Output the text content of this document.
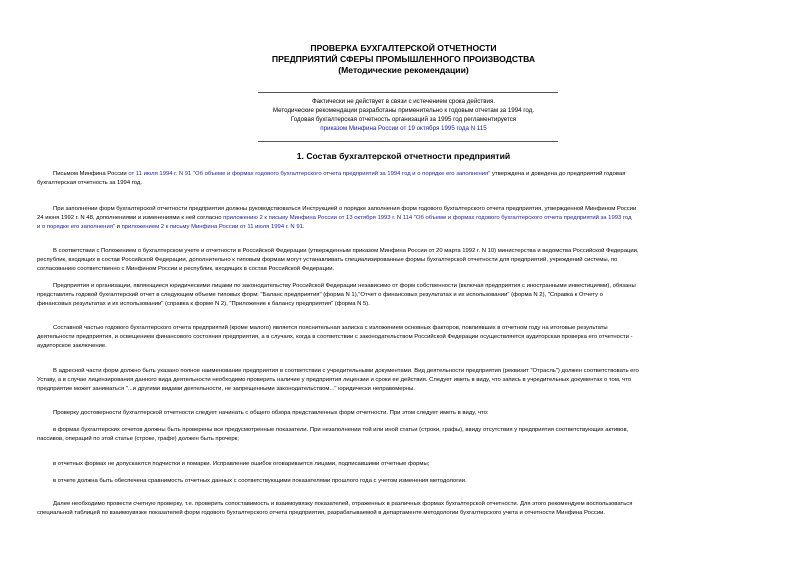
ПРОВЕРКА БУХГАЛТЕРСКОЙ ОТЧЕТНОСТИ
ПРЕДПРИЯТИЙ СФЕРЫ ПРОМЫШЛЕННОГО ПРОИЗВОДСТВА
(Методические рекомендации)
Фактически не действует в связи с истечением срока действия.
Методические рекомендации разработаны применительно к годовым отчетам за 1994 год.
Годовая бухгалтерская отчетность организаций за 1995 год регламентируется
приказом Минфина России от 19 октября 1995 года N 115
1. Состав бухгалтерской отчетности предприятий
Письмом Минфина России от 11 июля 1994 г. N 91 "Об объеме и формах годового бухгалтерского отчета предприятий за 1994 год и о порядке его заполнения" утверждена и доведена до предприятий годовая
бухгалтерская отчетность за 1994 год.
При заполнении форм бухгалтерской отчетности предприятия должны руководствоваться Инструкцией о порядке заполнения форм годового бухгалтерского отчета предприятия, утвержденной Минфином России
24 июня 1992 г. N 48, дополнениями и изменениями к ней согласно приложению 2 к письму Минфина России от 13 октября 1993 г. N 114 "Об объеме и формах годового бухгалтерского отчета предприятий за 1993 год
и о порядке его заполнения" и приложением 2 к письму Минфина России от 11 июля 1994 г. N 91.
В соответствии с Положением о бухгалтерском учете и отчетности в Российской Федерации (утвержденным приказом Минфина России от 20 марта 1992 г. N 10) министерства и ведомства Российской Федерации,
республик, входящих в состав Российской Федерации, дополнительно к типовым формам могут устанавливать специализированные формы бухгалтерской отчетности для предприятий, учреждений системы, по
согласованию соответственно с Минфином России и республик, входящих в состав Российской Федерации.
Предприятия и организации, являющиеся юридическими лицами по законодательству Российской Федерации независимо от форм собственности (включая предприятия с иностранными инвестициями), обязаны
представлять годовой бухгалтерский отчет в следующем объеме типовых форм: "Баланс предприятия" (форма N 1),"Отчет о финансовых результатах и их использовании" (форма N 2), "Справка к Отчету о
финансовых результатах и их использовании" (справка к форме N 2), "Приложение к балансу предприятия" (форма N 5).
Составной частью годового бухгалтерского отчета предприятий (кроме малого) является пояснительная записка с изложением основных факторов, повлиявших в отчетном году на итоговые результаты
деятельности предприятия, и освещением финансового состояния предприятия, а в случаях, когда в соответствии с законодательством Российской Федерации осуществляется аудиторская проверка его отчетности -
аудиторское заключение.
В адресной части форм должно быть указано полное наименование предприятия в соответствии с учредительными документами. Вид деятельности предприятия (реквизит "Отрасль") должен соответствовать его
Уставу, а в случае лицензирования данного вида деятельности необходимо проверить наличие у предприятия лицензии и сроки ее действия. Следует иметь в виду, что запись в учредительных документах о том, что
предприятие может заниматься "...и другими видами деятельности, не запрещенными законодательством..." юридически неправомерны.
Проверку достоверности бухгалтерской отчетности следует начинать с общего обзора представленных форм отчетности. При этом следует иметь в виду, что:
в формах бухгалтерских отчетов должны быть проверены все предусмотренные показатели. При незаполнении той или иной статьи (строки, графы), ввиду отсутствия у предприятия соответствующих активов,
пассивов, операций по этой статье (строке, графе) должен быть прочерк;
в отчетных формах не допускаются подчистки и помарки. Исправление ошибок оговаривается лицами, подписавшими отчетные формы;
в отчете должна быть обеспечена сравнимость отчетных данных с соответствующими показателями прошлого года с учетом изменения методологии.
Далее необходимо провести счетную проверку, т.е. проверить сопоставимость и взаимоувязку показателей, отраженных в различных формах бухгалтерской отчетности. Для этого рекомендуем воспользоваться
специальной таблицей по взаимоувязке показателей форм годового бухгалтерского отчета предприятия, разрабатываемой в департаменте методологии бухгалтерского учета и отчетности Минфина России.
